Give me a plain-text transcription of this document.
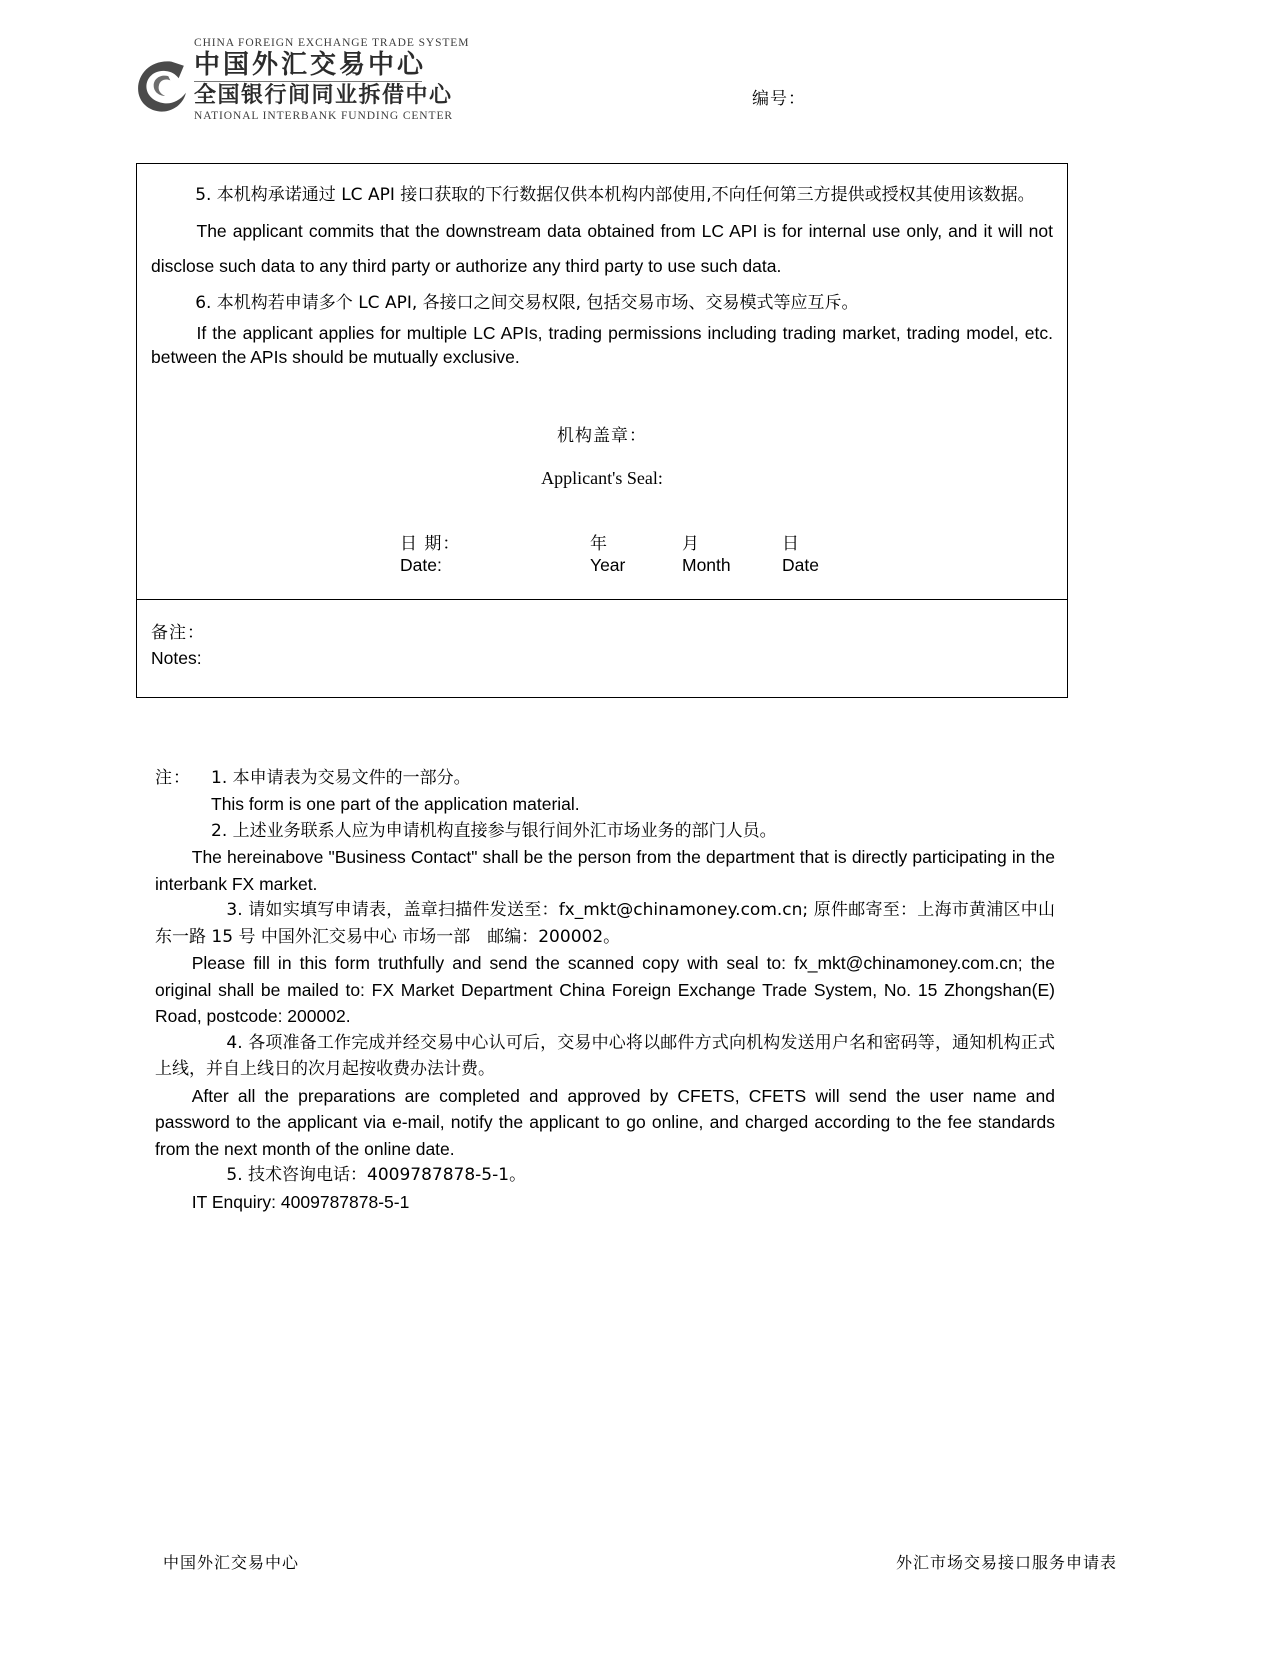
CHINA FOREIGN EXCHANGE TRADE SYSTEM
中国外汇交易中心
全国银行间同业拆借中心
NATIONAL INTERBANK FUNDING CENTER
编号：

5. 本机构承诺通过 LC API 接口获取的下行数据仅供本机构内部使用,不向任何第三方提供或授权其使用该数据。

The applicant commits that the downstream data obtained from LC API is for internal use only, and it will not disclose such data to any third party or authorize any third party to use such data.

6. 本机构若申请多个 LC API, 各接口之间交易权限, 包括交易市场、交易模式等应互斥。

If the applicant applies for multiple LC APIs, trading permissions including trading market, trading model, etc. between the APIs should be mutually exclusive.

机构盖章：
Applicant's Seal:
日 期：	年	月	日
Date:	Year	Month	Date
备注：
Notes:
注：	1. 本申请表为交易文件的一部分。

This form is one part of the application material.

2. 上述业务联系人应为申请机构直接参与银行间外汇市场业务的部门人员。

The hereinabove "Business Contact" shall be the person from the department that is directly participating in the interbank FX market.

3. 请如实填写申请表，盖章扫描件发送至：fx_mkt@chinamoney.com.cn; 原件邮寄至：上海市黄浦区中山东一路 15 号 中国外汇交易中心 市场一部　邮编：200002。

Please fill in this form truthfully and send the scanned copy with seal to: fx_mkt@chinamoney.com.cn; the original shall be mailed to: FX Market Department China Foreign Exchange Trade System, No. 15 Zhongshan(E) Road, postcode: 200002.

4. 各项准备工作完成并经交易中心认可后，交易中心将以邮件方式向机构发送用户名和密码等，通知机构正式上线，并自上线日的次月起按收费办法计费。

After all the preparations are completed and approved by CFETS, CFETS will send the user name and password to the applicant via e-mail, notify the applicant to go online, and charged according to the fee standards from the next month of the online date.

5. 技术咨询电话：4009787878-5-1。

IT Enquiry: 4009787878-5-1

中国外汇交易中心	外汇市场交易接口服务申请表
